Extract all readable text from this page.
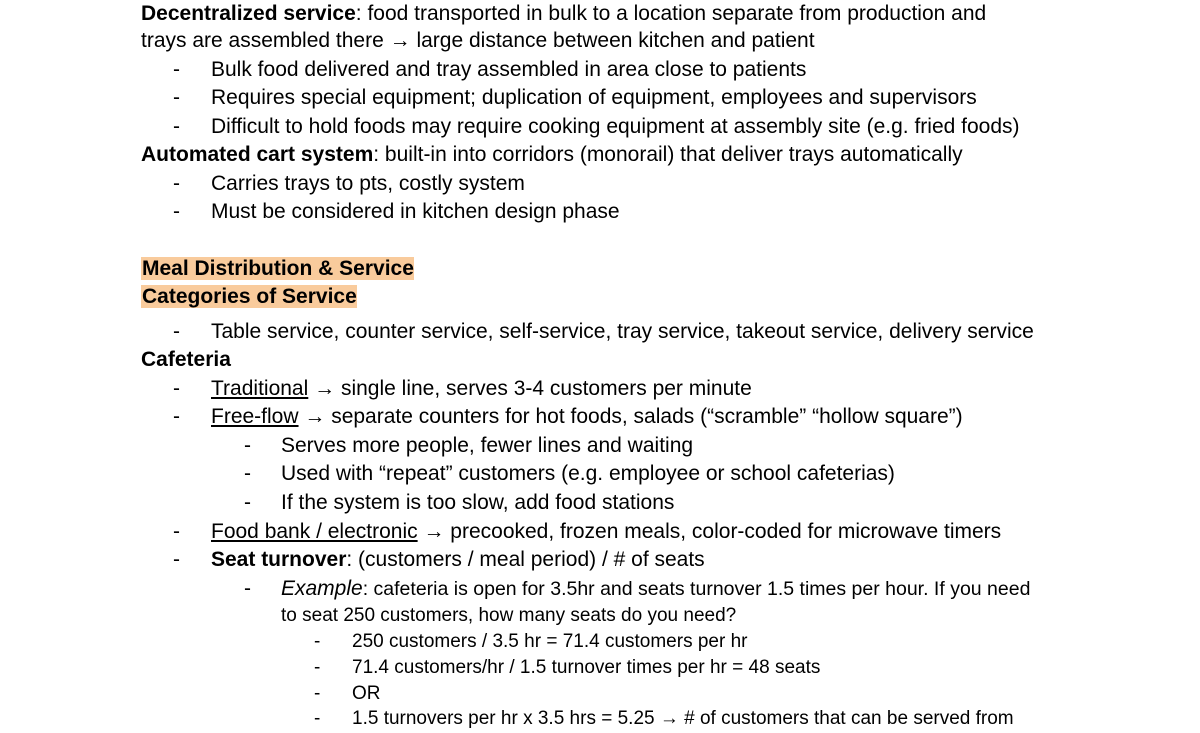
Decentralized service: food transported in bulk to a location separate from production and
trays are assembled there → large distance between kitchen and patient
- Bulk food delivered and tray assembled in area close to patients
- Requires special equipment; duplication of equipment, employees and supervisors
- Difficult to hold foods may require cooking equipment at assembly site (e.g. fried foods)
Automated cart system: built-in into corridors (monorail) that deliver trays automatically
- Carries trays to pts, costly system
- Must be considered in kitchen design phase
Meal Distribution & Service
Categories of Service
- Table service, counter service, self-service, tray service, takeout service, delivery service
Cafeteria
- Traditional → single line, serves 3-4 customers per minute
- Free-flow → separate counters for hot foods, salads (“scramble” “hollow square”)
- Serves more people, fewer lines and waiting
- Used with “repeat” customers (e.g. employee or school cafeterias)
- If the system is too slow, add food stations
- Food bank / electronic → precooked, frozen meals, color-coded for microwave timers
- Seat turnover: (customers / meal period) / # of seats
- Example: cafeteria is open for 3.5hr and seats turnover 1.5 times per hour. If you need
to seat 250 customers, how many seats do you need?
- 250 customers / 3.5 hr = 71.4 customers per hr
- 71.4 customers/hr / 1.5 turnover times per hr = 48 seats
- OR
- 1.5 turnovers per hr x 3.5 hrs = 5.25 → # of customers that can be served from
